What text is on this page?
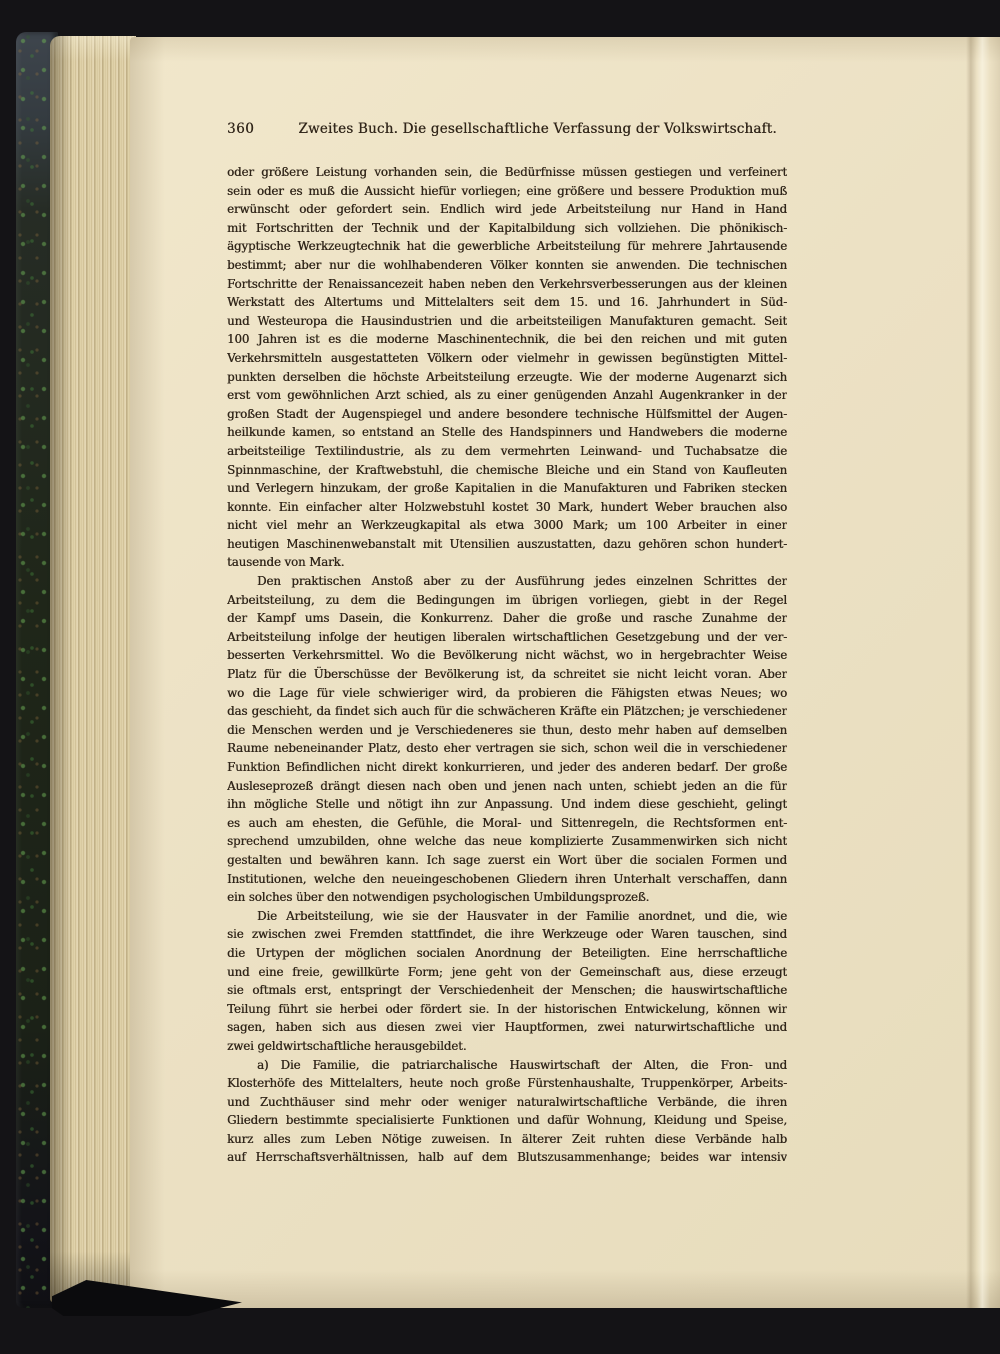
360	Zweites Buch. Die gesellschaftliche Verfassung der Volkswirtschaft.
oder größere Leistung vorhanden sein, die Bedürfnisse müssen gestiegen und verfeinert
sein oder es muß die Aussicht hiefür vorliegen; eine größere und bessere Produktion muß
erwünscht oder gefordert sein. Endlich wird jede Arbeitsteilung nur Hand in Hand
mit Fortschritten der Technik und der Kapitalbildung sich vollziehen. Die phönikisch-
ägyptische Werkzeugtechnik hat die gewerbliche Arbeitsteilung für mehrere Jahrtausende
bestimmt; aber nur die wohlhabenderen Völker konnten sie anwenden. Die technischen
Fortschritte der Renaissancezeit haben neben den Verkehrsverbesserungen aus der kleinen
Werkstatt des Altertums und Mittelalters seit dem 15. und 16. Jahrhundert in Süd-
und Westeuropa die Hausindustrien und die arbeitsteiligen Manufakturen gemacht. Seit
100 Jahren ist es die moderne Maschinentechnik, die bei den reichen und mit guten
Verkehrsmitteln ausgestatteten Völkern oder vielmehr in gewissen begünstigten Mittel-
punkten derselben die höchste Arbeitsteilung erzeugte. Wie der moderne Augenarzt sich
erst vom gewöhnlichen Arzt schied, als zu einer genügenden Anzahl Augenkranker in der
großen Stadt der Augenspiegel und andere besondere technische Hülfsmittel der Augen-
heilkunde kamen, so entstand an Stelle des Handspinners und Handwebers die moderne
arbeitsteilige Textilindustrie, als zu dem vermehrten Leinwand- und Tuchabsatze die
Spinnmaschine, der Kraftwebstuhl, die chemische Bleiche und ein Stand von Kaufleuten
und Verlegern hinzukam, der große Kapitalien in die Manufakturen und Fabriken stecken
konnte. Ein einfacher alter Holzwebstuhl kostet 30 Mark, hundert Weber brauchen also
nicht viel mehr an Werkzeugkapital als etwa 3000 Mark; um 100 Arbeiter in einer
heutigen Maschinenwebanstalt mit Utensilien auszustatten, dazu gehören schon hundert-
tausende von Mark.
Den praktischen Anstoß aber zu der Ausführung jedes einzelnen Schrittes der
Arbeitsteilung, zu dem die Bedingungen im übrigen vorliegen, giebt in der Regel
der Kampf ums Dasein, die Konkurrenz. Daher die große und rasche Zunahme der
Arbeitsteilung infolge der heutigen liberalen wirtschaftlichen Gesetzgebung und der ver-
besserten Verkehrsmittel. Wo die Bevölkerung nicht wächst, wo in hergebrachter Weise
Platz für die Überschüsse der Bevölkerung ist, da schreitet sie nicht leicht voran. Aber
wo die Lage für viele schwieriger wird, da probieren die Fähigsten etwas Neues; wo
das geschieht, da findet sich auch für die schwächeren Kräfte ein Plätzchen; je verschiedener
die Menschen werden und je Verschiedeneres sie thun, desto mehr haben auf demselben
Raume nebeneinander Platz, desto eher vertragen sie sich, schon weil die in verschiedener
Funktion Befindlichen nicht direkt konkurrieren, und jeder des anderen bedarf. Der große
Ausleseprozeß drängt diesen nach oben und jenen nach unten, schiebt jeden an die für
ihn mögliche Stelle und nötigt ihn zur Anpassung. Und indem diese geschieht, gelingt
es auch am ehesten, die Gefühle, die Moral- und Sittenregeln, die Rechtsformen ent-
sprechend umzubilden, ohne welche das neue komplizierte Zusammenwirken sich nicht
gestalten und bewähren kann. Ich sage zuerst ein Wort über die socialen Formen und
Institutionen, welche den neueingeschobenen Gliedern ihren Unterhalt verschaffen, dann
ein solches über den notwendigen psychologischen Umbildungsprozeß.
Die Arbeitsteilung, wie sie der Hausvater in der Familie anordnet, und die, wie
sie zwischen zwei Fremden stattfindet, die ihre Werkzeuge oder Waren tauschen, sind
die Urtypen der möglichen socialen Anordnung der Beteiligten. Eine herrschaftliche
und eine freie, gewillkürte Form; jene geht von der Gemeinschaft aus, diese erzeugt
sie oftmals erst, entspringt der Verschiedenheit der Menschen; die hauswirtschaftliche
Teilung führt sie herbei oder fördert sie. In der historischen Entwickelung, können wir
sagen, haben sich aus diesen zwei vier Hauptformen, zwei naturwirtschaftliche und
zwei geldwirtschaftliche herausgebildet.
a) Die Familie, die patriarchalische Hauswirtschaft der Alten, die Fron- und
Klosterhöfe des Mittelalters, heute noch große Fürstenhaushalte, Truppenkörper, Arbeits-
und Zuchthäuser sind mehr oder weniger naturalwirtschaftliche Verbände, die ihren
Gliedern bestimmte specialisierte Funktionen und dafür Wohnung, Kleidung und Speise,
kurz alles zum Leben Nötige zuweisen. In älterer Zeit ruhten diese Verbände halb
auf Herrschaftsverhältnissen, halb auf dem Blutszusammenhange; beides war intensiv
